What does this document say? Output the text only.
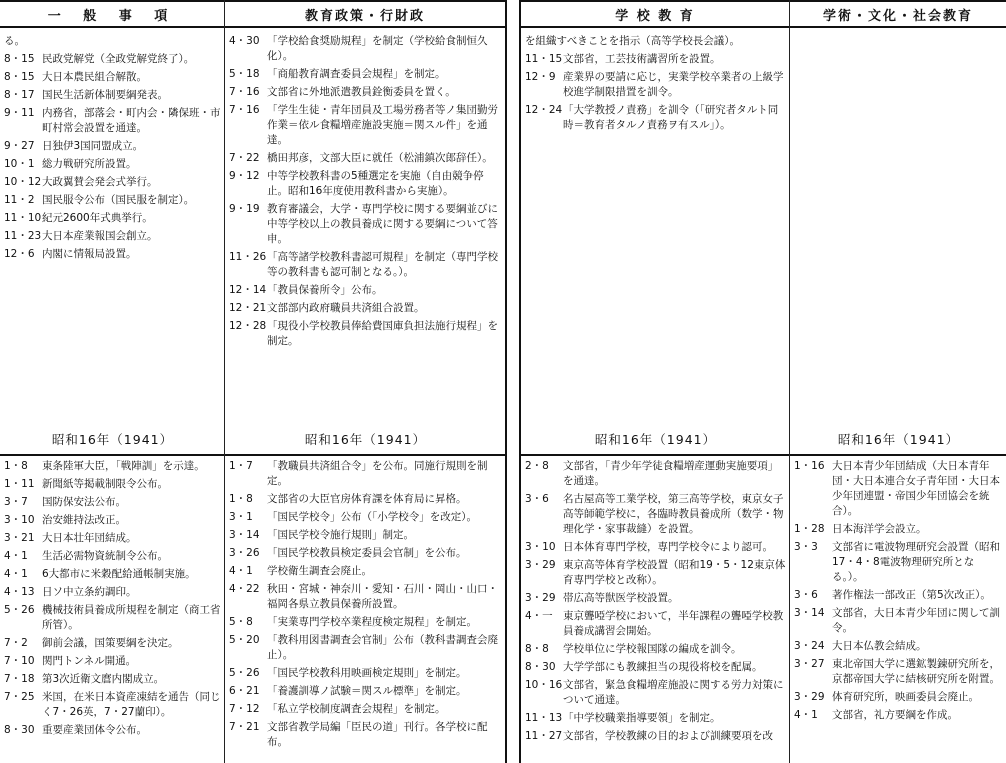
一 般 事 項
る。
8・15 民政党解党（全政党解党終了）。
8・15 大日本農民組合解散。
8・17 国民生活新体制要綱発表。
9・11 内務省，部落会・町内会・隣保班・市町村常会設置を通達。
9・27 日独伊3国同盟成立。
10・1 総力戦研究所設置。
10・12 大政翼賛会発会式挙行。
11・2 国民服令公布（国民服を制定）。
11・10 紀元2600年式典挙行。
11・23 大日本産業報国会創立。
12・6 内閣に情報局設置。
昭和16年（1941）
1・8	東条陸軍大臣，「戦陣訓」を示達。
1・11 新聞紙等掲載制限令公布。
3・7	国防保安法公布。
3・10 治安維持法改正。
3・21 大日本壮年団結成。
4・1	生活必需物資統制令公布。
4・1	6大都市に米穀配給通帳制実施。
4・13 日ソ中立条約調印。
5・26 機械技術員養成所規程を制定（商工省所管）。
7・2	御前会議，国策要綱を決定。
7・10 関門トンネル開通。
7・18 第3次近衛文麿内閣成立。
7・25 米国，在米日本資産凍結を通告（同じく7・26英，7・27蘭印）。
8・30 重要産業団体令公布。
教育政策・行財政
4・30 「学校給食奨励規程」を制定（学校給食制恒久化）。
5・18 「商船教育調査委員会規程」を制定。
7・16 文部省に外地派遣教員銓衡委員を置く。
7・16 「学生生徒・青年団員及工場労務者等ノ集団勤労作業＝依ル食糧増産施設実施＝関スル件」を通達。
7・22 橋田邦彦，文部大臣に就任（松浦鎮次郎辞任）。
9・12 中等学校教科書の5種選定を実施（自由競争停止。昭和16年度使用教科書から実施）。
9・19 教育審議会，大学・専門学校に関する要綱並びに中等学校以上の教員養成に関する要綱について答申。
11・26 「高等諸学校教科書認可規程」を制定（専門学校等の教科書も認可制となる。）。
12・14 「教員保養所令」公布。
12・21 文部部内政府職員共済組合設置。
12・28 「現役小学校教員俸給費国庫負担法施行規程」を制定。
昭和16年（1941）
1・7	「教職員共済組合令」を公布。同施行規則を制定。
1・8	文部省の大臣官房体育課を体育局に昇格。
3・1	「国民学校令」公布（「小学校令」を改定）。
3・14 「国民学校令施行規則」制定。
3・26 「国民学校教員検定委員会官制」を公布。
4・1	学校衛生調査会廃止。
4・22 秋田・宮城・神奈川・愛知・石川・岡山・山口・福岡各県立教員保養所設置。
5・8	「実業専門学校卒業程度検定規程」を制定。
5・20 「教科用図書調査会官制」公布（教科書調査会廃止）。
5・26 「国民学校教科用映画検定規則」を制定。
6・21 「養護訓導ノ試験＝関スル標準」を制定。
7・12 「私立学校制度調査会規程」を制定。
7・21 文部省教学局編「臣民の道」刊行。各学校に配布。
学 校 教 育
を組織すべきことを指示（高等学校長会議）。
11・15 文部省，工芸技術講習所を設置。
12・9 産業界の要請に応じ，実業学校卒業者の上級学校進学制限措置を訓令。
12・24 「大学教授ノ責務」を訓令（「研究者タルト同時＝教育者タルノ責務ヲ有スル」）。
昭和16年（1941）
2・8	文部省，「青少年学徒食糧増産運動実施要項」を通達。
3・6	名古屋高等工業学校，第三高等学校，東京女子高等師範学校に，各臨時教員養成所（数学・物理化学・家事裁縫）を設置。
3・10 日本体育専門学校，専門学校令により認可。
3・29 東京高等体育学校設置（昭和19・5・12東京体育専門学校と改称）。
3・29 帯広高等獣医学校設置。
4・一 東京聾啞学校において，半年課程の聾啞学校教員養成講習会開始。
8・8	学校単位に学校報国隊の編成を訓令。
8・30 大学学部にも教練担当の現役将校を配属。
10・16 文部省，緊急食糧増産施設に関する労力対策について通達。
11・13 「中学校職業指導要領」を制定。
11・27 文部省，学校教練の目的および訓練要項を改
学術・文化・社会教育
昭和16年（1941）
1・16 大日本青少年団結成（大日本青年団・大日本連合女子青年団・大日本少年団連盟・帝国少年団協会を統合）。
1・28 日本海洋学会設立。
3・3	文部省に電波物理研究会設置（昭和17・4・8電波物理研究所となる。）。
3・6	著作権法一部改正（第5次改正）。
3・14 文部省，大日本青少年団に関して訓令。
3・24 大日本仏教会結成。
3・27 東北帝国大学に選鉱製錬研究所を，京都帝国大学に結核研究所を附置。
3・29 体育研究所，映画委員会廃止。
4・1	文部省，礼方要綱を作成。
